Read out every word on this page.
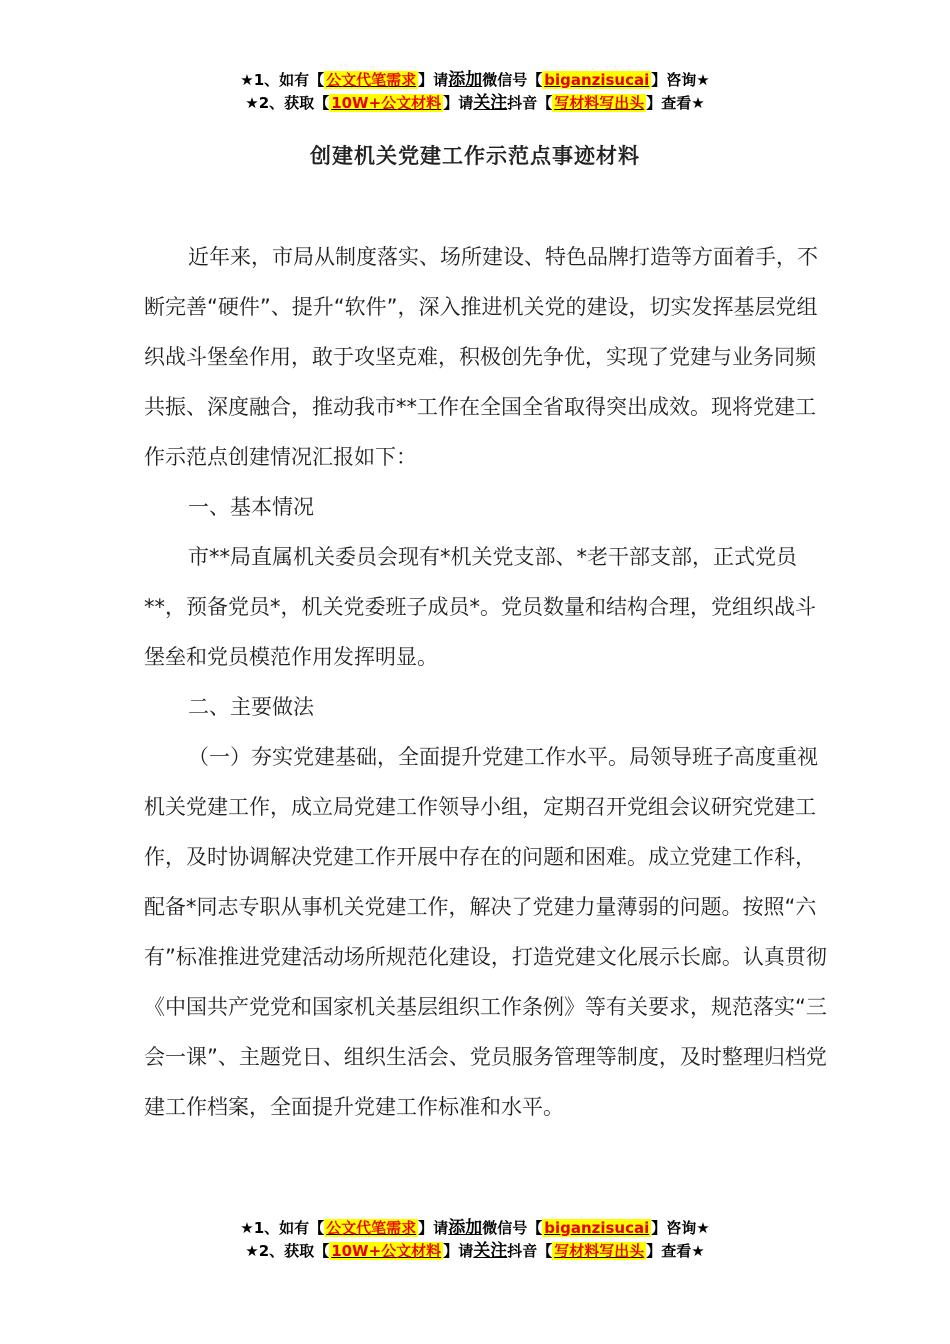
★1、如有【 公文代笔需求 】请添加微信号【 biganzisucai 】咨询★
★2、获取【 10W+公文材料 】请关注抖音【 写材料写出头 】查看★
创建机关党建工作示范点事迹材料

近年来，市局从制度落实、场所建设、特色品牌打造等方面着手，不断完善“硬件”、提升“软件”，深入推进机关党的建设，切实发挥基层党组织战斗堡垒作用，敢于攻坚克难，积极创先争优，实现了党建与业务同频共振、深度融合，推动我市**工作在全国全省取得突出成效。现将党建工作示范点创建情况汇报如下：

一、基本情况

市**局直属机关委员会现有*机关党支部、*老干部支部，正式党员**，预备党员*，机关党委班子成员*。党员数量和结构合理，党组织战斗堡垒和党员模范作用发挥明显。

二、主要做法

（一）夯实党建基础，全面提升党建工作水平。局领导班子高度重视机关党建工作，成立局党建工作领导小组，定期召开党组会议研究党建工作，及时协调解决党建工作开展中存在的问题和困难。成立党建工作科，配备*同志专职从事机关党建工作，解决了党建力量薄弱的问题。按照“六有”标准推进党建活动场所规范化建设，打造党建文化展示长廊。认真贯彻《中国共产党党和国家机关基层组织工作条例》等有关要求，规范落实“三会一课”、主题党日、组织生活会、党员服务管理等制度，及时整理归档党建工作档案，全面提升党建工作标准和水平。

★1、如有【 公文代笔需求 】请添加微信号【 biganzisucai 】咨询★
★2、获取【 10W+公文材料 】请关注抖音【 写材料写出头 】查看★
